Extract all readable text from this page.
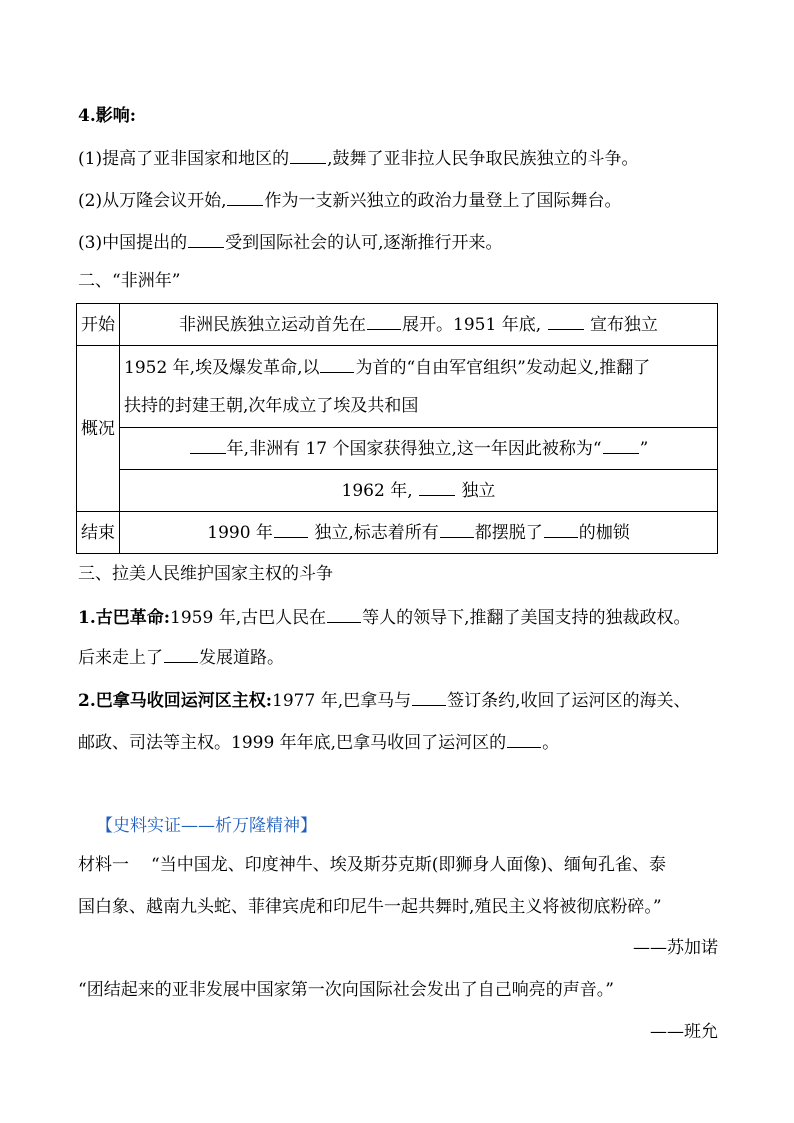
4.影响:
(1)提高了亚非国家和地区的 ,鼓舞了亚非拉人民争取民族独立的斗争。
(2)从万隆会议开始, 作为一支新兴独立的政治力量登上了国际舞台。
(3)中国提出的 受到国际社会的认可,逐渐推行开来。
二、“非洲年”
开始	非洲民族独立运动首先在 展开。1951 年底, 宣布独立
概况	1952 年,埃及爆发革命,以 为首的“自由军官组织”发动起义,推翻了
扶持的封建王朝,次年成立了埃及共和国

	年,非洲有 17 个国家获得独立,这一年因此被称为“ ”
	1962 年, 独立
结束	1990 年 独立,标志着所有 都摆脱了 的枷锁
三、拉美人民维护国家主权的斗争
1.古巴革命:1959 年,古巴人民在 等人的领导下,推翻了美国支持的独裁政权。
后来走上了 发展道路。
2.巴拿马收回运河区主权:1977 年,巴拿马与 签订条约,收回了运河区的海关、
邮政、司法等主权。1999 年年底,巴拿马收回了运河区的 。
【史料实证——析万隆精神】
材料一 “当中国龙、印度神牛、埃及斯芬克斯(即狮身人面像)、缅甸孔雀、泰
国白象、越南九头蛇、菲律宾虎和印尼牛一起共舞时,殖民主义将被彻底粉碎。”
——苏加诺
“团结起来的亚非发展中国家第一次向国际社会发出了自己响亮的声音。”
——班允
